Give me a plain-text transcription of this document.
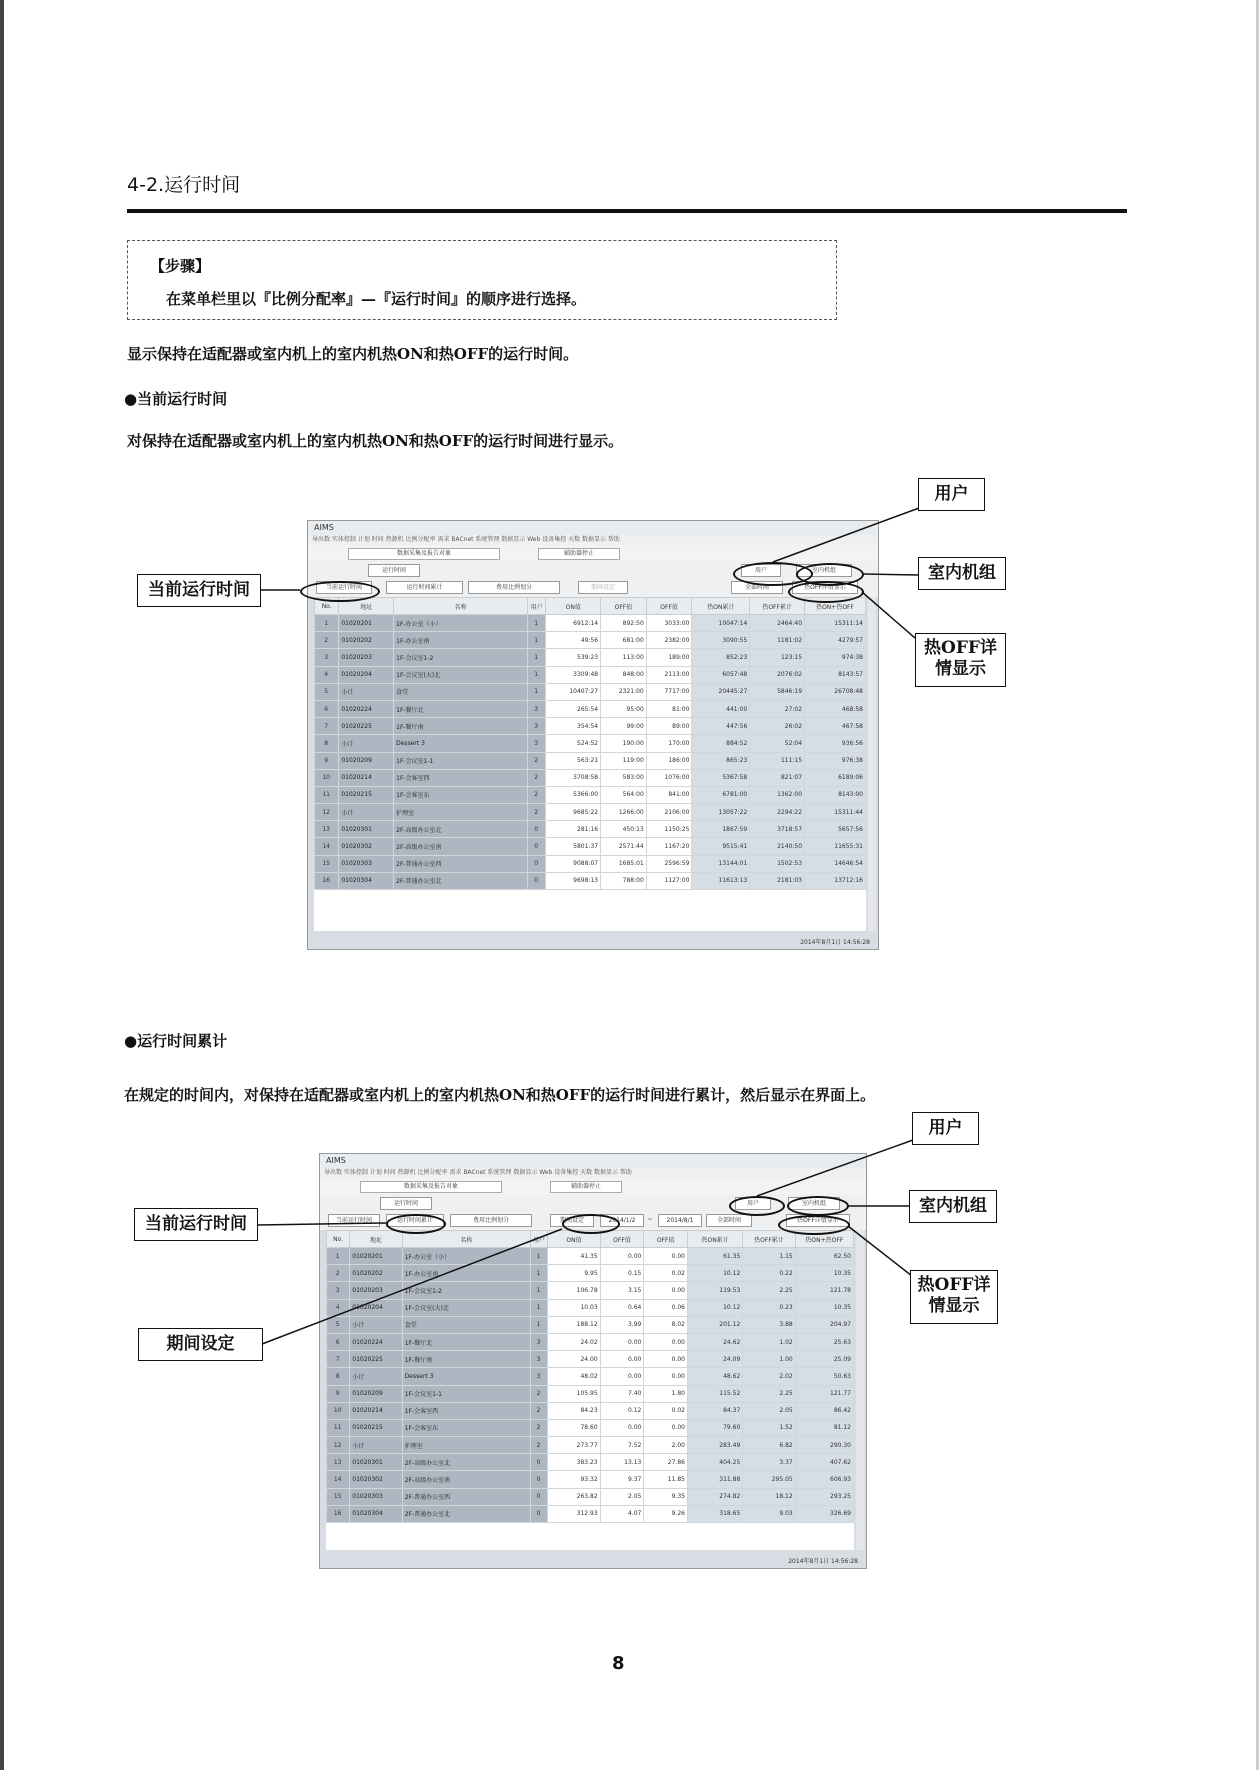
4-2.运行时间
【步骤】
在菜单栏里以『比例分配率』—『运行时间』的顺序进行选择。
显示保持在适配器或室内机上的室内机热ON和热OFF的运行时间。
●当前运行时间
对保持在适配器或室内机上的室内机热ON和热OFF的运行时间进行显示。
AIMS
导出数 实体控制 计划 时间 热源机 比例分配率 需求 BACnet 系统管理 数据显示 Web 设备集控 天数 数据显示 帮助
数据采集及报告对象	辅助器停止
运行时间
当前运行时间	运行时间累计	费用比例划分	期间设定
用户	室内机组
全部时间	热OFF详情显示
No.	地址	名称	用户	ON值	OFF值	OFF值	热ON累计	热OFF累计	热ON+热OFF
1	01020201	1F-办公室（小）	1	6912:14	892:50	3033:00	10047:14	2464:40	15311:14
2	01020202	1F-办公室南	1	49:56	681:00	2382:00	3090:55	1181:02	4279:57
3	01020203	1F-会议室1-2	1	539:23	113:00	189:00	852:23	123:15	974:38
4	01020204	1F-会议室(大)北	1	3309:48	848:00	2113:00	6057:48	2076:02	8143:57
5	小计	食堂	1	10407:27	2321:00	7717:00	20445:27	5846:19	26708:48
6	01020224	1F-餐厅北	3	265:54	95:00	81:00	441:00	27:02	468:58
7	01020225	1F-餐厅南	3	354:54	99:00	89:00	447:56	26:02	467:58
8	小计	Dessert 3	3	524:52	190:00	170:00	884:52	52:04	936:56
9	01020209	1F-会议室1-1	2	563:21	119:00	186:00	865:23	111:15	976:38
10	01020214	1F-会客室西	2	3708:58	583:00	1076:00	5367:58	821:07	6189:06
11	01020215	1F-会客室东	2	5366:00	564:00	841:00	6781:00	1362:00	8143:00
12	小计	护理室	2	9685:22	1266:00	2106:00	13057:22	2294:22	15311:44
13	01020301	2F-高级办公室北	0	281:16	450:13	1150:25	1867:59	3718:57	5657:56
14	01020302	2F-高级办公室南	0	5801:37	2571:44	1167:20	9515:41	2140:50	11655:31
15	01020303	2F-普通办公室西	0	9088:07	1685:01	2596:59	13144:01	1502:53	14646:54
16	01020304	2F-普通办公室北	0	9698:13	788:00	1127:00	11613:13	2181:03	13712:16
2014年8月1日 14:56:28
●运行时间累计
在规定的时间内，对保持在适配器或室内机上的室内机热ON和热OFF的运行时间进行累计，然后显示在界面上。
AIMS
导出数 实体控制 计划 时间 热源机 比例分配率 需求 BACnet 系统管理 数据显示 Web 设备集控 天数 数据显示 帮助
数据采集及报告对象	辅助器停止
运行时间
当前运行时间	运行时间累计	费用比例划分	期间设定	2014/1/2	~	2014/8/1
用户	室内机组
全部时间	热OFF详情显示
No.	地址	名称	用户	ON值	OFF值	OFF值	热ON累计	热OFF累计	热ON+热OFF
1	01020201	1F-办公室（小）	1	41.35	0.00	0.00	61.35	1.15	62.50
2	01020202	1F-办公室南	1	9.95	0.15	0.02	10.12	0.22	10.35
3	01020203	1F-会议室1-2	1	106.78	3.15	0.00	119.53	2.25	121.78
4	01020204	1F-会议室(大)北	1	10.03	0.64	0.06	10.12	0.23	10.35
5	小计	食堂	1	188.12	3.99	8.02	201.12	3.88	204.97
6	01020224	1F-餐厅北	3	24.02	0.00	0.00	24.62	1.02	25.63
7	01020225	1F-餐厅南	3	24.00	0.00	0.00	24.09	1.00	25.09
8	小计	Dessert 3	3	48.02	0.00	0.00	48.62	2.02	50.63
9	01020209	1F-会议室1-1	2	105.95	7.40	1.80	115.52	2.25	121.77
10	01020214	1F-会客室西	2	84.23	0.12	0.02	84.37	2.05	86.42
11	01020215	1F-会客室东	2	78.60	0.00	0.00	79.60	1.52	81.12
12	小计	护理室	2	273.77	7.52	2.00	283.49	6.82	290.30
13	01020301	2F-高级办公室北	0	383.23	13.13	27.86	404.25	3.37	407.62
14	01020302	2F-高级办公室南	0	93.32	9.37	11.85	311.88	295.05	606.93
15	01020303	2F-普通办公室西	0	263.82	2.05	9.35	274.82	18.12	293.25
16	01020304	2F-普通办公室北	0	312.93	4.07	9.26	318.65	9.03	326.69
2014年8月1日 14:56:28
当前运行时间
用户
室内机组
热OFF详
情显示
当前运行时间
期间设定
用户
室内机组
热OFF详
情显示
8
